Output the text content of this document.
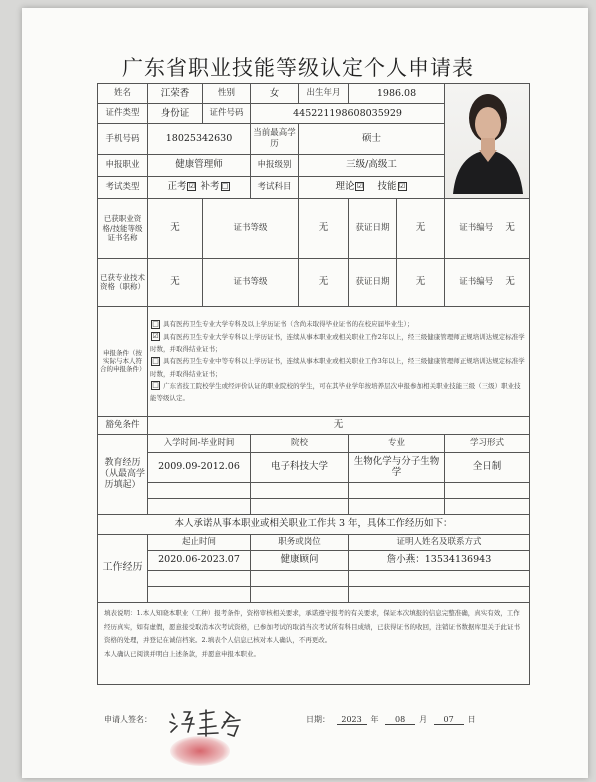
广东省职业技能等级认定个人申请表
姓名	江荣香	性别	女	出生年月	1986.08	

证件类型	身份证	证件号码	445221198608035929				
手机号码	18025342630		当前最高学历	硕士			
申报职业	健康管理师		申报级别	三级/高级工			
考试类型	正考 ☑ 补考 □		考试科目	理论 ☑ 技能 ☑			
已获职业资格/技能等级证书名称	无	证书等级		无	获证日期	无	证书编号 无
已获专业技术资格（职称）	无	证书等级		无	获证日期	无	证书编号 无
申报条件（按实际与本人符合的申报条件）	□ 具有医药卫生专业大学专科及以上学历证书（含尚未取得毕业证书的在校应届毕业生）；
☑ 具有医药卫生专业大学专科以上学历证书，连续从事本职业或相关职业工作2年以上，经三级健康管理师正规培训达规定标准学时数，并取得结业证书；
□ 具有医药卫生专业中等专科以上学历证书，连续从事本职业或相关职业工作3年以上，经三级健康管理师正规培训达规定标准学时数，并取得结业证书；
□ 广东省技工院校学生或经评价认证的职业院校的学生，可在其毕业学年按培养层次申报参加相关职业技能三级（三级）职业技能等级认定。						

豁免条件	无						
教育经历（从最高学历填起）	入学时间-毕业时间		院校		专业		学习形式
	2009.09-2012.06		电子科技大学		生物化学与分子生物学		全日制

本人承诺从事本职业或相关职业工作共 3 年，具体工作经历如下：							
工作经历	起止时间		职务或岗位		证明人姓名及联系方式		
	2020.06-2023.07		健康顾问		詹小燕：13534136943		

填表说明：1.本人知晓本职业（工种）报考条件，资格审核相关要求，承诺遵守报考的有关要求，保证本次填报的信息完整准确，真实有效，工作经历真实，如有虚假，愿意接受取消本次考试资格，已参加考试的取消当次考试所有科目成绩，已获得证书的收回，注销证书数据库里关于此证书资格的处理，并登记在诚信档案。2.填表个人信息已核对本人确认，不再更改。
本人确认已阅读并明白上述条款，并愿意申报本职业。							
申请人签名：	日期： 2023 年 08 月 07 日
